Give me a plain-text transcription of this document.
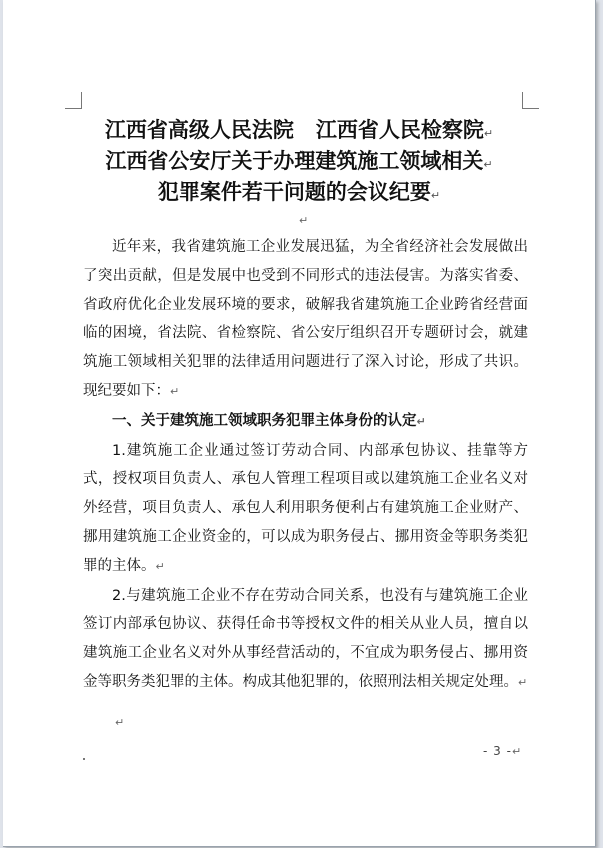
江西省高级人民法院 江西省人民检察院↵
江西省公安厅关于办理建筑施工领域相关↵
犯罪案件若干问题的会议纪要↵
↵

近年来，我省建筑施工企业发展迅猛，为全省经济社会发展做出了突出贡献，但是发展中也受到不同形式的违法侵害。为落实省委、省政府优化企业发展环境的要求，破解我省建筑施工企业跨省经营面临的困境，省法院、省检察院、省公安厅组织召开专题研讨会，就建筑施工领域相关犯罪的法律适用问题进行了深入讨论，形成了共识。现纪要如下：↵

一、关于建筑施工领域职务犯罪主体身份的认定↵

1.建筑施工企业通过签订劳动合同、内部承包协议、挂靠等方式，授权项目负责人、承包人管理工程项目或以建筑施工企业名义对外经营，项目负责人、承包人利用职务便利占有建筑施工企业财产、挪用建筑施工企业资金的，可以成为职务侵占、挪用资金等职务类犯罪的主体。↵

2.与建筑施工企业不存在劳动合同关系，也没有与建筑施工企业签订内部承包协议、获得任命书等授权文件的相关从业人员，擅自以建筑施工企业名义对外从事经营活动的，不宜成为职务侵占、挪用资金等职务类犯罪的主体。构成其他犯罪的，依照刑法相关规定处理。↵

↵
- 3 -↵
